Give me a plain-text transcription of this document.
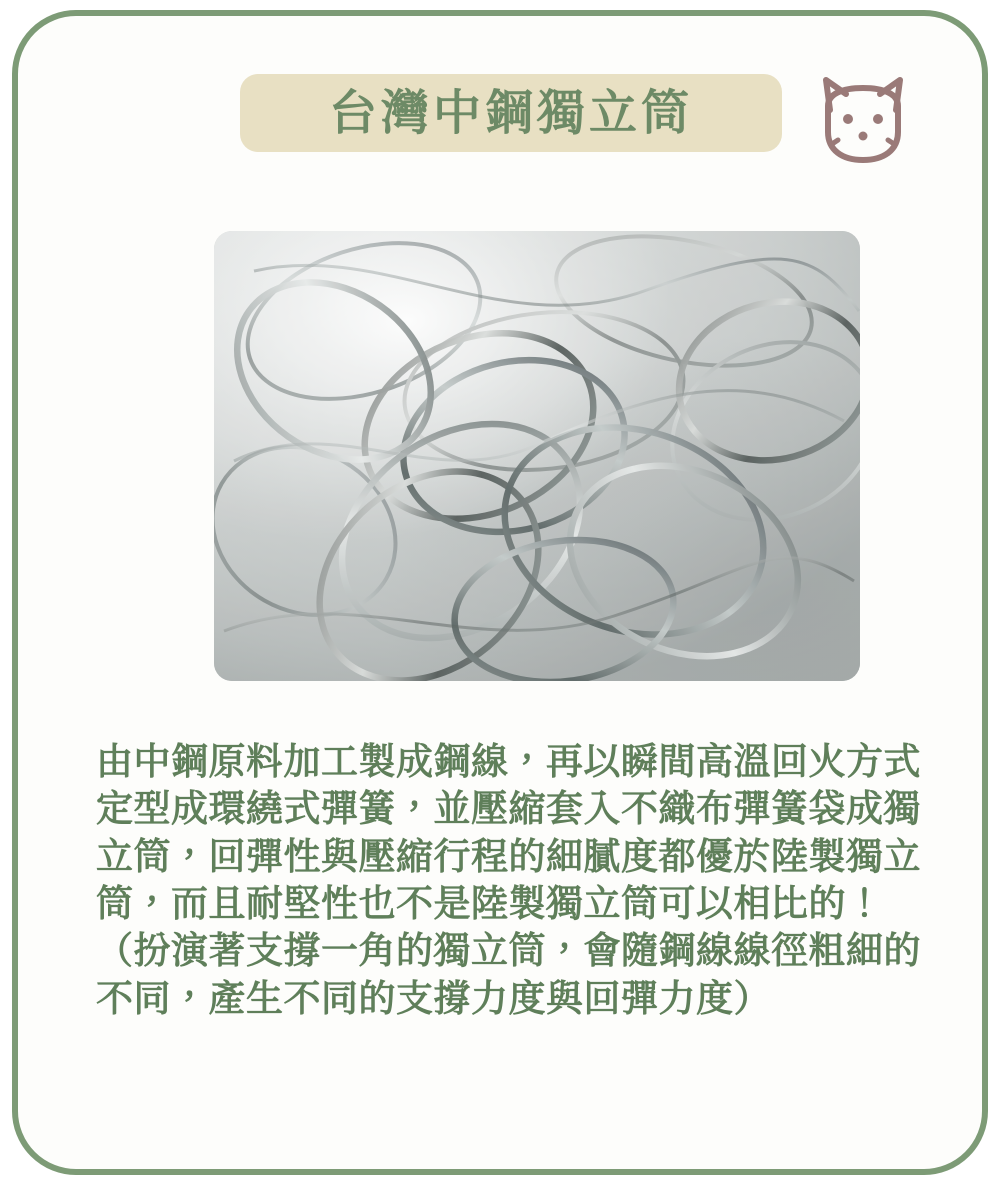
台灣中鋼獨立筒
由中鋼原料加工製成鋼線，再以瞬間高溫回火方式定型成環繞式彈簧，並壓縮套入不織布彈簧袋成獨立筒，回彈性與壓縮行程的細膩度都優於陸製獨立筒，而且耐堅性也不是陸製獨立筒可以相比的！（扮演著支撐一角的獨立筒，會隨鋼線線徑粗細的不同，產生不同的支撐力度與回彈力度）
